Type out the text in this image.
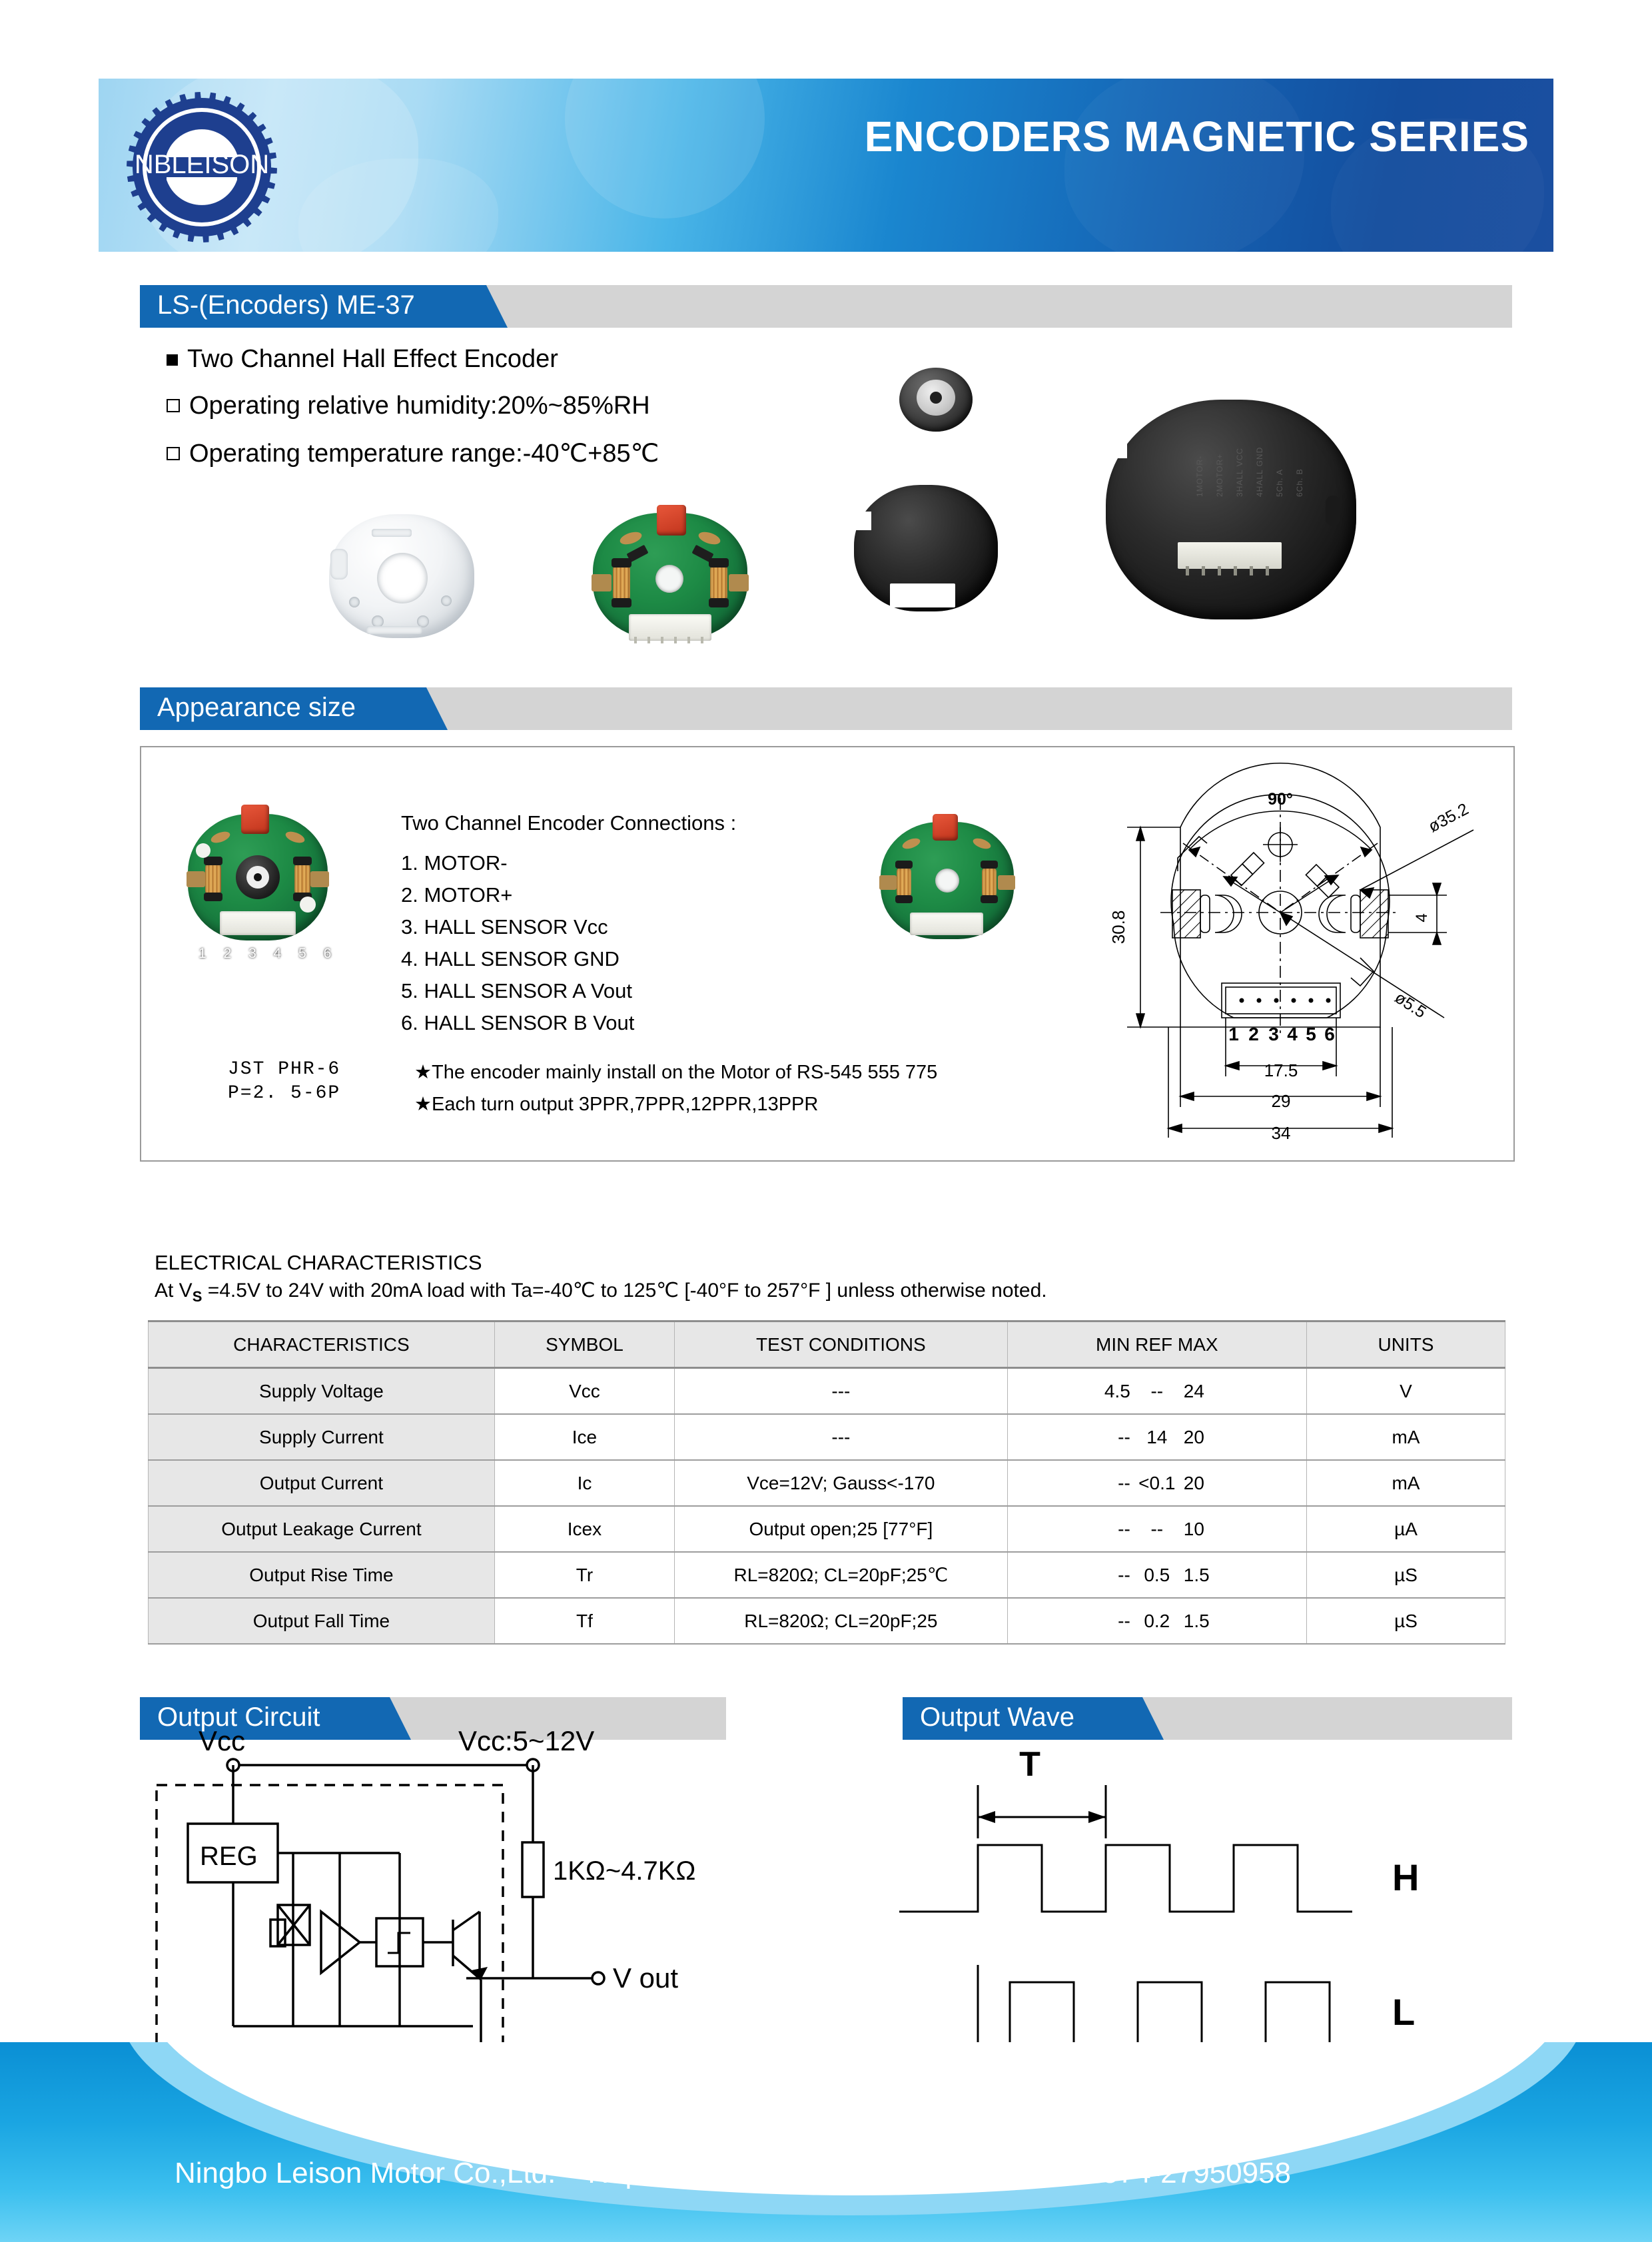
NBLEISON
ENCODERS MAGNETIC SERIES
LS-(Encoders) ME-37
Two Channel Hall Effect Encoder
Operating relative humidity:20%~85%RH
Operating temperature range:-40℃+85℃
1MOTOR- 2MOTOR+ 3HALL VCC 4HALL GND 5Ch. A 6Ch. B
Appearance size
1 2 3 4 5 6
Two Channel Encoder Connections :
1. MOTOR-
2. MOTOR+
3. HALL SENSOR Vcc
4. HALL SENSOR GND
5. HALL SENSOR A Vout
6. HALL SENSOR B Vout
JST PHR-6
P=2. 5-6P
★The encoder mainly install on the Motor of RS-545 555 775
★Each turn output 3PPR,7PPR,12PPR,13PPR
90°
30.8
ø35.2
4
ø5.5
17.5
29
34
1 2 3 4 5 6
ELECTRICAL CHARACTERISTICS
At $V_S =4.5V$ to 24V with 20mA load with Ta=-40℃ to 125℃ [-40°F to 257°F ] unless otherwise noted.
CHARACTERISTICS	SYMBOL	TEST CONDITIONS	MIN REF MAX	UNITS
Supply Voltage	Vcc	---	4.5 -- 24	V
Supply Current	Ice	---	-- 14 20	mA
Output Current	Ic	Vce=12V; Gauss<-170	-- <0.1 20	mA
Output Leakage Current	Icex	Output open;25 [77°F]	-- -- 10	µA
Output Rise Time	Tr	RL=820Ω; CL=20pF;25℃	-- 0.5 1.5	µS
Output Fall Time	Tf	RL=820Ω; CL=20pF;25	-- 0.2 1.5	µS
Output Circuit	Output Wave
Vcc	Vcc:5~12V
REG	1KΩ~4.7KΩ
V out
T
H
L
Ningbo Leison Motor Co.,Ltd. Http://www.nbleisonmotor.com Tel:86-574-27950958
